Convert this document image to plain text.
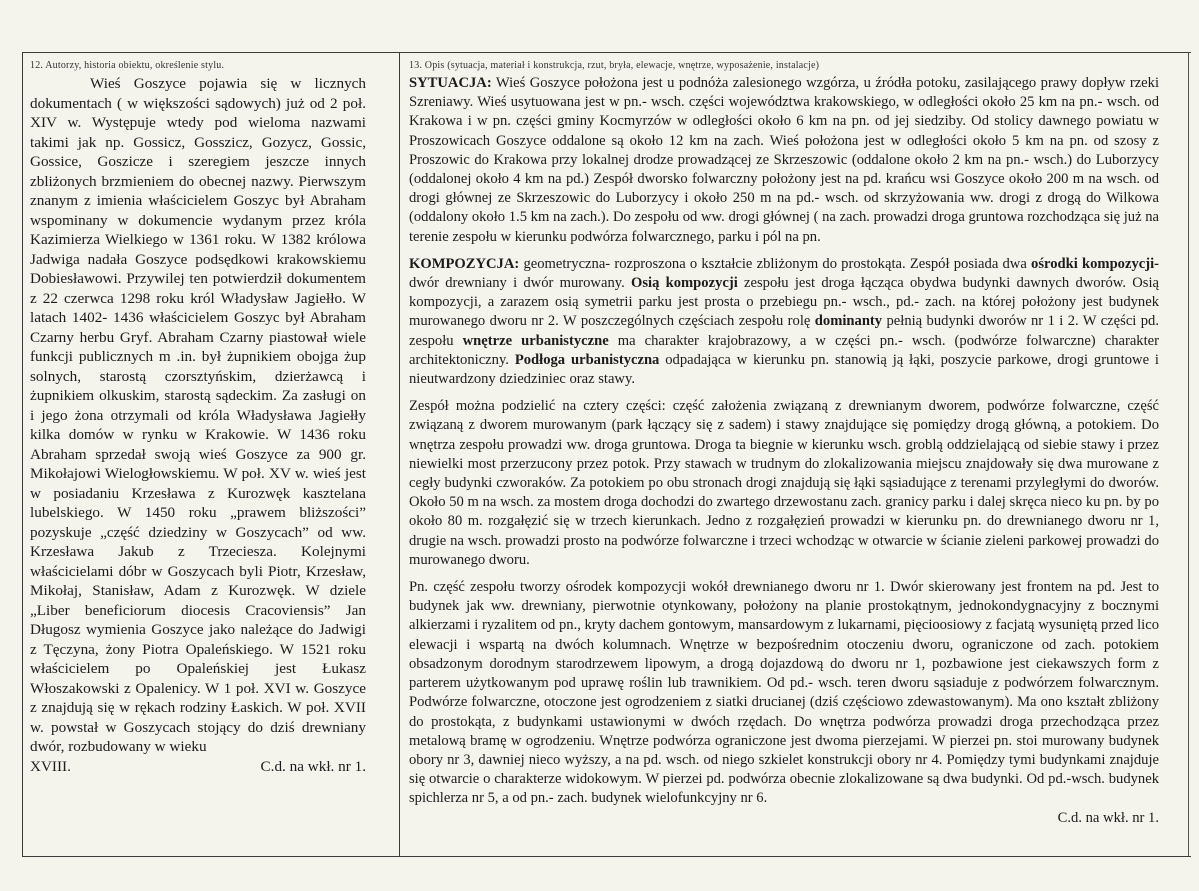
12. Autorzy, historia obiektu, określenie stylu.

Wieś Goszyce pojawia się w licznych dokumentach ( w większości sądowych) już od 2 poł. XIV w. Występuje wtedy pod wieloma nazwami takimi jak np. Gossicz, Gosszicz, Gozycz, Gossic, Gossice, Goszicze i szeregiem jeszcze innych zbliżonych brzmieniem do obecnej nazwy. Pierwszym znanym z imienia właścicielem Goszyc był Abraham wspominany w dokumencie wydanym przez króla Kazimierza Wielkiego w 1361 roku. W 1382 królowa Jadwiga nadała Goszyce podsędkowi krakowskiemu Dobiesławowi. Przywilej ten potwierdził dokumentem z 22 czerwca 1298 roku król Władysław Jagiełło. W latach 1402- 1436 właścicielem Goszyc był Abraham Czarny herbu Gryf. Abraham Czarny piastował wiele funkcji publicznych m .in. był żupnikiem obojga żup solnych, starostą czorsztyńskim, dzierżawcą i żupnikiem olkuskim, starostą sądeckim. Za zasługi on i jego żona otrzymali od króla Władysława Jagiełły kilka domów w rynku w Krakowie. W 1436 roku Abraham sprzedał swoją wieś Goszyce za 900 gr. Mikołajowi Wielogłowskiemu. W poł. XV w. wieś jest w posiadaniu Krzesława z Kurozwęk kasztelana lubelskiego. W 1450 roku „prawem bliższości” pozyskuje „część dziedziny w Goszycach” od ww. Krzesława Jakub z Trzeciesza. Kolejnymi właścicielami dóbr w Goszycach byli Piotr, Krzesław, Mikołaj, Stanisław, Adam z Kurozwęk. W dziele „Liber beneficiorum diocesis Cracoviensis” Jan Długosz wymienia Goszyce jako należące do Jadwigi z Tęczyna, żony Piotra Opaleńskiego. W 1521 roku właścicielem po Opaleńskiej jest Łukasz Włoszakowski z Opalenicy. W 1 poł. XVI w. Goszyce z znajdują się w rękach rodziny Łaskich. W poł. XVII w. powstał w Goszycach stojący do dziś drewniany dwór, rozbudowany w wieku

XVIII.	C.d. na wkł. nr 1.
13. Opis (sytuacja, materiał i konstrukcja, rzut, bryła, elewacje, wnętrze, wyposażenie, instalacje)

SYTUACJA: Wieś Goszyce położona jest u podnóża zalesionego wzgórza, u źródła potoku, zasilającego prawy dopływ rzeki Szreniawy. Wieś usytuowana jest w pn.- wsch. części województwa krakowskiego, w odległości około 25 km na pn.- wsch. od Krakowa i w pn. części gminy Kocmyrzów w odległości około 6 km na pn. od jej siedziby. Od stolicy dawnego powiatu w Proszowicach Goszyce oddalone są około 12 km na zach. Wieś położona jest w odległości około 5 km na pn. od szosy z Proszowic do Krakowa przy lokalnej drodze prowadzącej ze Skrzeszowic (oddalone około 2 km na pn.- wsch.) do Luborzycy (oddalonej około 4 km na pd.) Zespół dworsko folwarczny położony jest na pd. krańcu wsi Goszyce około 200 m na wsch. od drogi głównej ze Skrzeszowic do Luborzycy i około 250 m na pd.- wsch. od skrzyżowania ww. drogi z drogą do Wilkowa (oddalony około 1.5 km na zach.). Do zespołu od ww. drogi głównej ( na zach. prowadzi droga gruntowa rozchodząca się już na terenie zespołu w kierunku podwórza folwarcznego, parku i pól na pn.

KOMPOZYCJA: geometryczna- rozproszona o kształcie zbliżonym do prostokąta. Zespół posiada dwa ośrodki kompozycji- dwór drewniany i dwór murowany. Osią kompozycji zespołu jest droga łącząca obydwa budynki dawnych dworów. Osią kompozycji, a zarazem osią symetrii parku jest prosta o przebiegu pn.- wsch., pd.- zach. na której położony jest budynek murowanego dworu nr 2. W poszczególnych częściach zespołu rolę dominanty pełnią budynki dworów nr 1 i 2. W części pd. zespołu wnętrze urbanistyczne ma charakter krajobrazowy, a w części pn.- wsch. (podwórze folwarczne) charakter architektoniczny. Podłoga urbanistyczna odpadająca w kierunku pn. stanowią ją łąki, poszycie parkowe, drogi gruntowe i nieutwardzony dziedziniec oraz stawy.

Zespół można podzielić na cztery części: część założenia związaną z drewnianym dworem, podwórze folwarczne, część związaną z dworem murowanym (park łączący się z sadem) i stawy znajdujące się pomiędzy drogą główną, a potokiem. Do wnętrza zespołu prowadzi ww. droga gruntowa. Droga ta biegnie w kierunku wsch. groblą oddzielającą od siebie stawy i przez niewielki most przerzucony przez potok. Przy stawach w trudnym do zlokalizowania miejscu znajdowały się dwa murowane z cegły budynki czworaków. Za potokiem po obu stronach drogi znajdują się łąki sąsiadujące z terenami przyległymi do dworów. Około 50 m na wsch. za mostem droga dochodzi do zwartego drzewostanu zach. granicy parku i dalej skręca nieco ku pn. by po około 80 m. rozgałęzić się w trzech kierunkach. Jedno z rozgałęzień prowadzi w kierunku pn. do drewnianego dworu nr 1, drugie na wsch. prowadzi prosto na podwórze folwarczne i trzeci wchodząc w otwarcie w ścianie zieleni parkowej prowadzi do murowanego dworu.

Pn. część zespołu tworzy ośrodek kompozycji wokół drewnianego dworu nr 1. Dwór skierowany jest frontem na pd. Jest to budynek jak ww. drewniany, pierwotnie otynkowany, położony na planie prostokątnym, jednokondygnacyjny z bocznymi alkierzami i ryzalitem od pn., kryty dachem gontowym, mansardowym z lukarnami, pięcioosiowy z facjatą wysuniętą przed lico elewacji i wspartą na dwóch kolumnach. Wnętrze w bezpośrednim otoczeniu dworu, ograniczone od zach. potokiem obsadzonym dorodnym starodrzewem lipowym, a drogą dojazdową do dworu nr 1, pozbawione jest ciekawszych form z parterem użytkowanym pod uprawę roślin lub trawnikiem. Od pd.- wsch. teren dworu sąsiaduje z podwórzem folwarcznym. Podwórze folwarczne, otoczone jest ogrodzeniem z siatki drucianej (dziś częściowo zdewastowanym). Ma ono kształt zbliżony do prostokąta, z budynkami ustawionymi w dwóch rzędach. Do wnętrza podwórza prowadzi droga przechodząca przez metalową bramę w ogrodzeniu. Wnętrze podwórza ograniczone jest dwoma pierzejami. W pierzei pn. stoi murowany budynek obory nr 3, dawniej nieco wyższy, a na pd. wsch. od niego szkielet konstrukcji obory nr 4. Pomiędzy tymi budynkami znajduje się otwarcie o charakterze widokowym. W pierzei pd. podwórza obecnie zlokalizowane są dwa budynki. Od pd.-wsch. budynek spichlerza nr 5, a od pn.- zach. budynek wielofunkcyjny nr 6.

C.d. na wkł. nr 1.
